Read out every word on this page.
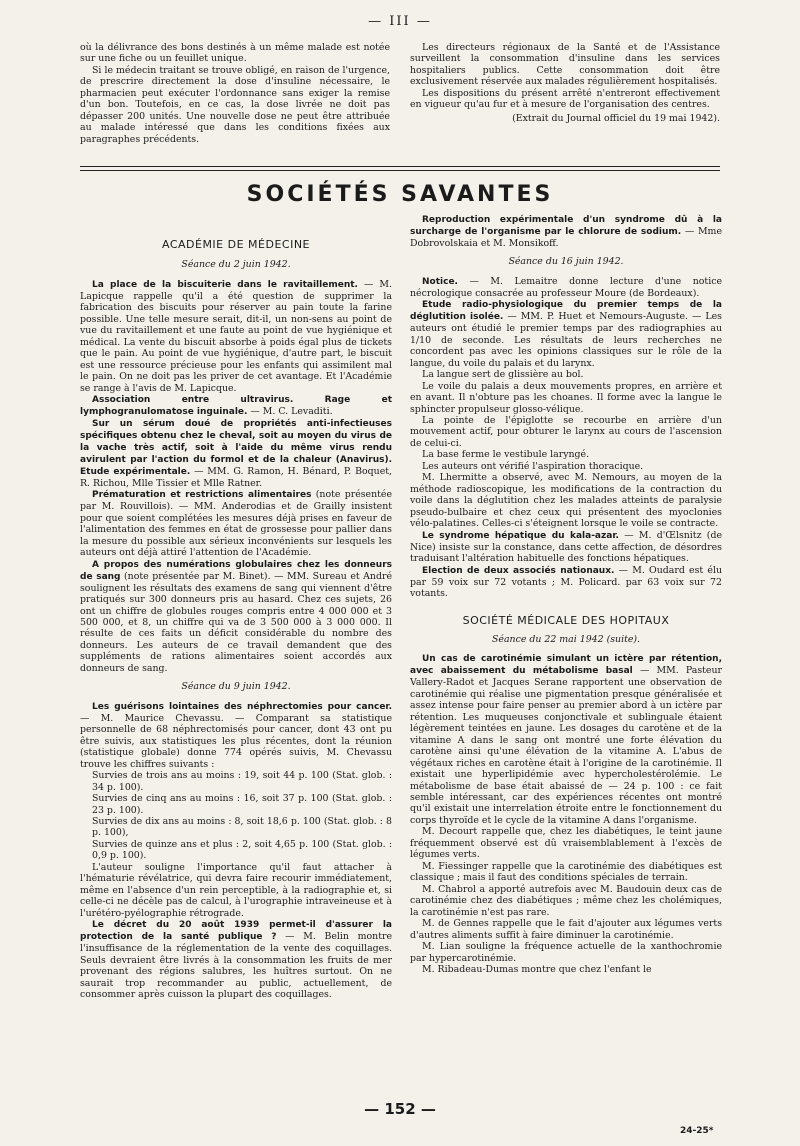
— III —

où la délivrance des bons destinés à un même malade est notée sur une fiche ou un feuillet unique.

Si le médecin traitant se trouve obligé, en raison de l'urgence, de prescrire directement la dose d'insuline nécessaire, le pharmacien peut exécuter l'ordonnance sans exiger la remise d'un bon. Toutefois, en ce cas, la dose livrée ne doit pas dépasser 200 unités. Une nouvelle dose ne peut être attribuée au malade intéressé que dans les conditions fixées aux paragraphes précédents.

Les directeurs régionaux de la Santé et de l'Assistance surveillent la consommation d'insuline dans les services hospitaliers publics. Cette consommation doit être exclusivement réservée aux malades régulièrement hospitalisés.

Les dispositions du présent arrêté n'entreront effectivement en vigueur qu'au fur et à mesure de l'organisation des centres.

(Extrait du Journal officiel du 19 mai 1942).
SOCIÉTÉS SAVANTES
ACADÉMIE DE MÉDECINE
Séance du 2 juin 1942.

La place de la biscuiterie dans le ravitaillement. — M. Lapicque rappelle qu'il a été question de supprimer la fabrication des biscuits pour réserver au pain toute la farine possible. Une telle mesure serait, dit-il, un non-sens au point de vue du ravitaillement et une faute au point de vue hygiénique et médical. La vente du biscuit absorbe à poids égal plus de tickets que le pain. Au point de vue hygiénique, d'autre part, le biscuit est une ressource précieuse pour les enfants qui assimilent mal le pain. On ne doit pas les priver de cet avantage. Et l'Académie se range à l'avis de M. Lapicque.

Association entre ultravirus. Rage et lymphogranulomatose inguinale. — M. C. Levaditi.

Sur un sérum doué de propriétés anti-infectieuses spécifiques obtenu chez le cheval, soit au moyen du virus de la vache très actif, soit à l'aide du même virus rendu avirulent par l'action du formol et de la chaleur (Anavirus). Etude expérimentale. — MM. G. Ramon, H. Bénard, P. Boquet, R. Richou, Mlle Tissier et Mlle Ratner.

Prématuration et restrictions alimentaires (note présentée par M. Rouvillois). — MM. Anderodias et de Grailly insistent pour que soient complétées les mesures déjà prises en faveur de l'alimentation des femmes en état de grossesse pour pallier dans la mesure du possible aux sérieux inconvénients sur lesquels les auteurs ont déjà attiré l'attention de l'Académie.

A propos des numérations globulaires chez les donneurs de sang (note présentée par M. Binet). — MM. Sureau et André soulignent les résultats des examens de sang qui viennent d'être pratiqués sur 300 donneurs pris au hasard. Chez ces sujets, 26 ont un chiffre de globules rouges compris entre 4 000 000 et 3 500 000, et 8, un chiffre qui va de 3 500 000 à 3 000 000. Il résulte de ces faits un déficit considérable du nombre des donneurs. Les auteurs de ce travail demandent que des suppléments de rations alimentaires soient accordés aux donneurs de sang.

Séance du 9 juin 1942.

Les guérisons lointaines des néphrectomies pour cancer. — M. Maurice Chevassu. — Comparant sa statistique personnelle de 68 néphrectomisés pour cancer, dont 43 ont pu être suivis, aux statistiques les plus récentes, dont la réunion (statistique globale) donne 774 opérés suivis, M. Chevassu trouve les chiffres suivants :

Survies de trois ans au moins : 19, soit 44 p. 100 (Stat. glob. : 34 p. 100).

Survies de cinq ans au moins : 16, soit 37 p. 100 (Stat. glob. : 23 p. 100).

Survies de dix ans au moins : 8, soit 18,6 p. 100 (Stat. glob. : 8 p. 100),

Survies de quinze ans et plus : 2, soit 4,65 p. 100 (Stat. glob. : 0,9 p. 100).

L'auteur souligne l'importance qu'il faut attacher à l'hématurie révélatrice, qui devra faire recourir immédiatement, même en l'absence d'un rein perceptible, à la radiographie et, si celle-ci ne décèle pas de calcul, à l'urographie intraveineuse et à l'urétéro-pyélographie rétrograde.

Le décret du 20 août 1939 permet-il d'assurer la protection de la santé publique ? — M. Belin montre l'insuffisance de la réglementation de la vente des coquillages. Seuls devraient être livrés à la consommation les fruits de mer provenant des régions salubres, les huîtres surtout. On ne saurait trop recommander au public, actuellement, de consommer après cuisson la plupart des coquillages.

Reproduction expérimentale d'un syndrome dû à la surcharge de l'organisme par le chlorure de sodium. — Mme Dobrovolskaia et M. Monsikoff.

Séance du 16 juin 1942.

Notice. — M. Lemaitre donne lecture d'une notice nécrologique consacrée au professeur Moure (de Bordeaux).

Etude radio-physiologique du premier temps de la déglutition isolée. — MM. P. Huet et Nemours-Auguste. — Les auteurs ont étudié le premier temps par des radiographies au 1/10 de seconde. Les résultats de leurs recherches ne concordent pas avec les opinions classiques sur le rôle de la langue, du voile du palais et du larynx.

La langue sert de glissière au bol.

Le voile du palais a deux mouvements propres, en arrière et en avant. Il n'obture pas les choanes. Il forme avec la langue le sphincter propulseur glosso-vélique.

La pointe de l'épiglotte se recourbe en arrière d'un mouvement actif, pour obturer le larynx au cours de l'ascension de celui-ci.

La base ferme le vestibule laryngé.

Les auteurs ont vérifié l'aspiration thoracique.

M. Lhermitte a observé, avec M. Nemours, au moyen de la méthode radioscopique, les modifications de la contraction du voile dans la déglutition chez les malades atteints de paralysie pseudo-bulbaire et chez ceux qui présentent des myoclonies vélo-palatines. Celles-ci s'éteignent lorsque le voile se contracte.

Le syndrome hépatique du kala-azar. — M. d'Œlsnitz (de Nice) insiste sur la constance, dans cette affection, de désordres traduisant l'altération habituelle des fonctions hépatiques.

Election de deux associés nationaux. — M. Oudard est élu par 59 voix sur 72 votants ; M. Policard. par 63 voix sur 72 votants.

SOCIÉTÉ MÉDICALE DES HOPITAUX
Séance du 22 mai 1942 (suite).

Un cas de carotinémie simulant un ictère par rétention, avec abaissement du métabolisme basal — MM. Pasteur Vallery-Radot et Jacques Serane rapportent une observation de carotinémie qui réalise une pigmentation presque généralisée et assez intense pour faire penser au premier abord à un ictère par rétention. Les muqueuses conjonctivale et sublinguale étaient légèrement teintées en jaune. Les dosages du carotène et de la vitamine A dans le sang ont montré une forte élévation du carotène ainsi qu'une élévation de la vitamine A. L'abus de végétaux riches en carotène était à l'origine de la carotinémie. Il existait une hyperlipidémie avec hypercholestérolémie. Le métabolisme de base était abaissé de — 24 p. 100 : ce fait semble intéressant, car des expériences récentes ont montré qu'il existait une interrelation étroite entre le fonctionnement du corps thyroïde et le cycle de la vitamine A dans l'organisme.

M. Decourt rappelle que, chez les diabétiques, le teint jaune fréquemment observé est dû vraisemblablement à l'excès de légumes verts.

M. Fiessinger rappelle que la carotinémie des diabétiques est classique ; mais il faut des conditions spéciales de terrain.

M. Chabrol a apporté autrefois avec M. Baudouin deux cas de carotinémie chez des diabétiques ; même chez les cholémiques, la carotinémie n'est pas rare.

M. de Gennes rappelle que le fait d'ajouter aux légumes verts d'autres aliments suffit à faire diminuer la carotinémie.

M. Lian souligne la fréquence actuelle de la xanthochromie par hypercarotinémie.

M. Ribadeau-Dumas montre que chez l'enfant le

— 152 —
24-25*
